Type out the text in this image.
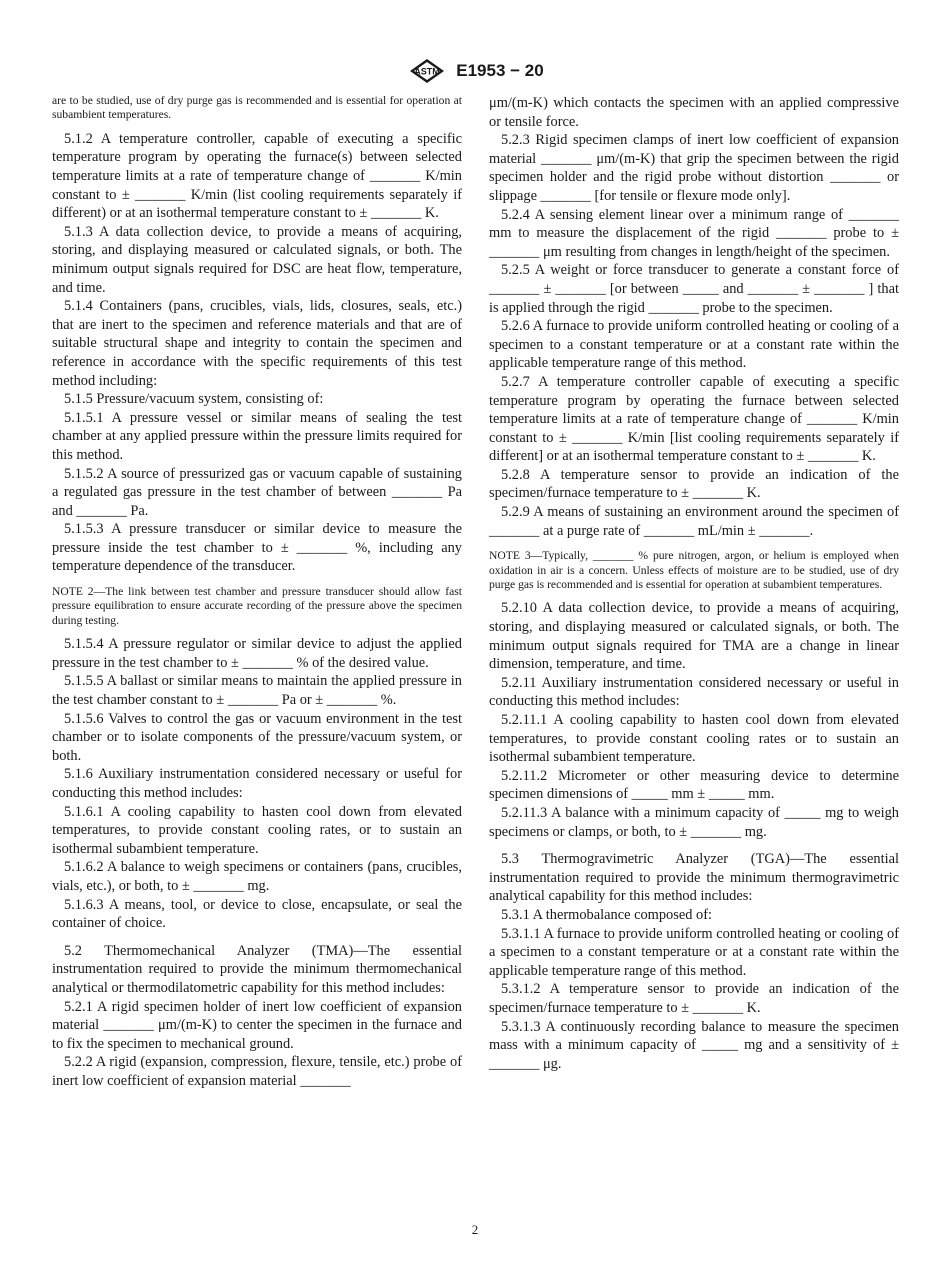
ASTM E1953 − 20

are to be studied, use of dry purge gas is recommended and is essential for operation at subambient temperatures.

5.1.2 A temperature controller, capable of executing a specific temperature program by operating the furnace(s) between selected temperature limits at a rate of temperature change of _______ K/min constant to ± _______ K/min (list cooling requirements separately if different) or at an isothermal temperature constant to ± _______ K.

5.1.3 A data collection device, to provide a means of acquiring, storing, and displaying measured or calculated signals, or both. The minimum output signals required for DSC are heat flow, temperature, and time.

5.1.4 Containers (pans, crucibles, vials, lids, closures, seals, etc.) that are inert to the specimen and reference materials and that are of suitable structural shape and integrity to contain the specimen and reference in accordance with the specific requirements of this test method including:

5.1.5 Pressure/vacuum system, consisting of:

5.1.5.1 A pressure vessel or similar means of sealing the test chamber at any applied pressure within the pressure limits required for this method.

5.1.5.2 A source of pressurized gas or vacuum capable of sustaining a regulated gas pressure in the test chamber of between _______ Pa and _______ Pa.

5.1.5.3 A pressure transducer or similar device to measure the pressure inside the test chamber to ± _______ %, including any temperature dependence of the transducer.

NOTE 2—The link between test chamber and pressure transducer should allow fast pressure equilibration to ensure accurate recording of the pressure above the specimen during testing.

5.1.5.4 A pressure regulator or similar device to adjust the applied pressure in the test chamber to ± _______ % of the desired value.

5.1.5.5 A ballast or similar means to maintain the applied pressure in the test chamber constant to ± _______ Pa or ± _______ %.

5.1.5.6 Valves to control the gas or vacuum environment in the test chamber or to isolate components of the pressure/vacuum system, or both.

5.1.6 Auxiliary instrumentation considered necessary or useful for conducting this method includes:

5.1.6.1 A cooling capability to hasten cool down from elevated temperatures, to provide constant cooling rates, or to sustain an isothermal subambient temperature.

5.1.6.2 A balance to weigh specimens or containers (pans, crucibles, vials, etc.), or both, to ± _______ mg.

5.1.6.3 A means, tool, or device to close, encapsulate, or seal the container of choice.

5.2 Thermomechanical Analyzer (TMA)—The essential instrumentation required to provide the minimum thermomechanical analytical or thermodilatometric capability for this method includes:

5.2.1 A rigid specimen holder of inert low coefficient of expansion material _______ μm/(m-K) to center the specimen in the furnace and to fix the specimen to mechanical ground.

5.2.2 A rigid (expansion, compression, flexure, tensile, etc.) probe of inert low coefficient of expansion material _______

μm/(m-K) which contacts the specimen with an applied compressive or tensile force.

5.2.3 Rigid specimen clamps of inert low coefficient of expansion material _______ μm/(m-K) that grip the specimen between the rigid specimen holder and the rigid probe without distortion _______ or slippage _______ [for tensile or flexure mode only].

5.2.4 A sensing element linear over a minimum range of _______ mm to measure the displacement of the rigid _______ probe to ± _______ μm resulting from changes in length/height of the specimen.

5.2.5 A weight or force transducer to generate a constant force of _______ ± _______ [or between _____ and _______ ± _______ ] that is applied through the rigid _______ probe to the specimen.

5.2.6 A furnace to provide uniform controlled heating or cooling of a specimen to a constant temperature or at a constant rate within the applicable temperature range of this method.

5.2.7 A temperature controller capable of executing a specific temperature program by operating the furnace between selected temperature limits at a rate of temperature change of _______ K/min constant to ± _______ K/min [list cooling requirements separately if different] or at an isothermal temperature constant to ± _______ K.

5.2.8 A temperature sensor to provide an indication of the specimen/furnace temperature to ± _______ K.

5.2.9 A means of sustaining an environment around the specimen of _______ at a purge rate of _______ mL/min ± _______.

NOTE 3—Typically, _______ % pure nitrogen, argon, or helium is employed when oxidation in air is a concern. Unless effects of moisture are to be studied, use of dry purge gas is recommended and is essential for operation at subambient temperatures.

5.2.10 A data collection device, to provide a means of acquiring, storing, and displaying measured or calculated signals, or both. The minimum output signals required for TMA are a change in linear dimension, temperature, and time.

5.2.11 Auxiliary instrumentation considered necessary or useful in conducting this method includes:

5.2.11.1 A cooling capability to hasten cool down from elevated temperatures, to provide constant cooling rates or to sustain an isothermal subambient temperature.

5.2.11.2 Micrometer or other measuring device to determine specimen dimensions of _____ mm ± _____ mm.

5.2.11.3 A balance with a minimum capacity of _____ mg to weigh specimens or clamps, or both, to ± _______ mg.

5.3 Thermogravimetric Analyzer (TGA)—The essential instrumentation required to provide the minimum thermogravimetric analytical capability for this method includes:

5.3.1 A thermobalance composed of:

5.3.1.1 A furnace to provide uniform controlled heating or cooling of a specimen to a constant temperature or at a constant rate within the applicable temperature range of this method.

5.3.1.2 A temperature sensor to provide an indication of the specimen/furnace temperature to ± _______ K.

5.3.1.3 A continuously recording balance to measure the specimen mass with a minimum capacity of _____ mg and a sensitivity of ± _______ μg.

2
